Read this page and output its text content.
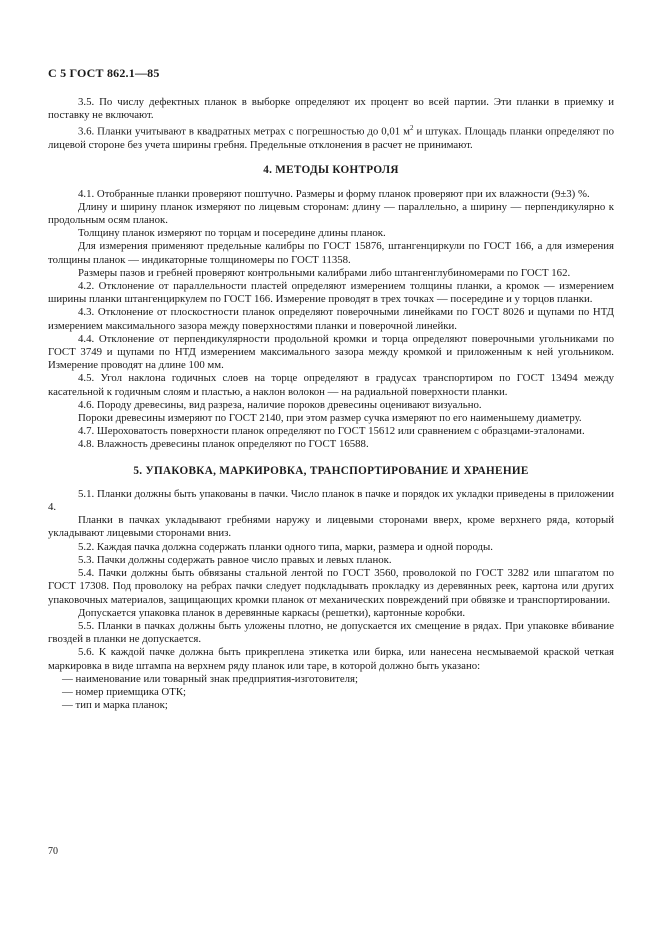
С 5 ГОСТ 862.1—85

3.5. По числу дефектных планок в выборке определяют их процент во всей партии. Эти планки в приемку и поставку не включают.

3.6. Планки учитывают в квадратных метрах с погрешностью до 0,01 $м^2$ и штуках. Площадь планки определяют по лицевой стороне без учета ширины гребня. Предельные отклонения в расчет не принимают.

4. МЕТОДЫ КОНТРОЛЯ

4.1. Отобранные планки проверяют поштучно. Размеры и форму планок проверяют при их влажности (9±3) %.

Длину и ширину планок измеряют по лицевым сторонам: длину — параллельно, а ширину — перпендикулярно к продольным осям планок.

Толщину планок измеряют по торцам и посередине длины планок.

Для измерения применяют предельные калибры по ГОСТ 15876, штангенциркули по ГОСТ 166, а для измерения толщины планок — индикаторные толщиномеры по ГОСТ 11358.

Размеры пазов и гребней проверяют контрольными калибрами либо штангенглубиномерами по ГОСТ 162.

4.2. Отклонение от параллельности пластей определяют измерением толщины планки, а кромок — измерением ширины планки штангенциркулем по ГОСТ 166. Измерение проводят в трех точках — посередине и у торцов планки.

4.3. Отклонение от плоскостности планок определяют поверочными линейками по ГОСТ 8026 и щупами по НТД измерением максимального зазора между поверхностями планки и поверочной линейки.

4.4. Отклонение от перпендикулярности продольной кромки и торца определяют поверочными угольниками по ГОСТ 3749 и щупами по НТД измерением максимального зазора между кромкой и приложенным к ней угольником. Измерение проводят на длине 100 мм.

4.5. Угол наклона годичных слоев на торце определяют в градусах транспортиром по ГОСТ 13494 между касательной к годичным слоям и пластью, а наклон волокон — на радиальной поверхности планки.

4.6. Породу древесины, вид разреза, наличие пороков древесины оценивают визуально.

Пороки древесины измеряют по ГОСТ 2140, при этом размер сучка измеряют по его наименьшему диаметру.

4.7. Шероховатость поверхности планок определяют по ГОСТ 15612 или сравнением с образцами-эталонами.

4.8. Влажность древесины планок определяют по ГОСТ 16588.

5. УПАКОВКА, МАРКИРОВКА, ТРАНСПОРТИРОВАНИЕ И ХРАНЕНИЕ

5.1. Планки должны быть упакованы в пачки. Число планок в пачке и порядок их укладки приведены в приложении 4.

Планки в пачках укладывают гребнями наружу и лицевыми сторонами вверх, кроме верхнего ряда, который укладывают лицевыми сторонами вниз.

5.2. Каждая пачка должна содержать планки одного типа, марки, размера и одной породы.

5.3. Пачки должны содержать равное число правых и левых планок.

5.4. Пачки должны быть обвязаны стальной лентой по ГОСТ 3560, проволокой по ГОСТ 3282 или шпагатом по ГОСТ 17308. Под проволоку на ребрах пачки следует подкладывать прокладку из деревянных реек, картона или других упаковочных материалов, защищающих кромки планок от механических повреждений при обвязке и транспортировании.

Допускается упаковка планок в деревянные каркасы (решетки), картонные коробки.

5.5. Планки в пачках должны быть уложены плотно, не допускается их смещение в рядах. При упаковке вбивание гвоздей в планки не допускается.

5.6. К каждой пачке должна быть прикреплена этикетка или бирка, или нанесена несмываемой краской четкая маркировка в виде штампа на верхнем ряду планок или таре, в которой должно быть указано:

— наименование или товарный знак предприятия-изготовителя;

— номер приемщика ОТК;

— тип и марка планок;

70
